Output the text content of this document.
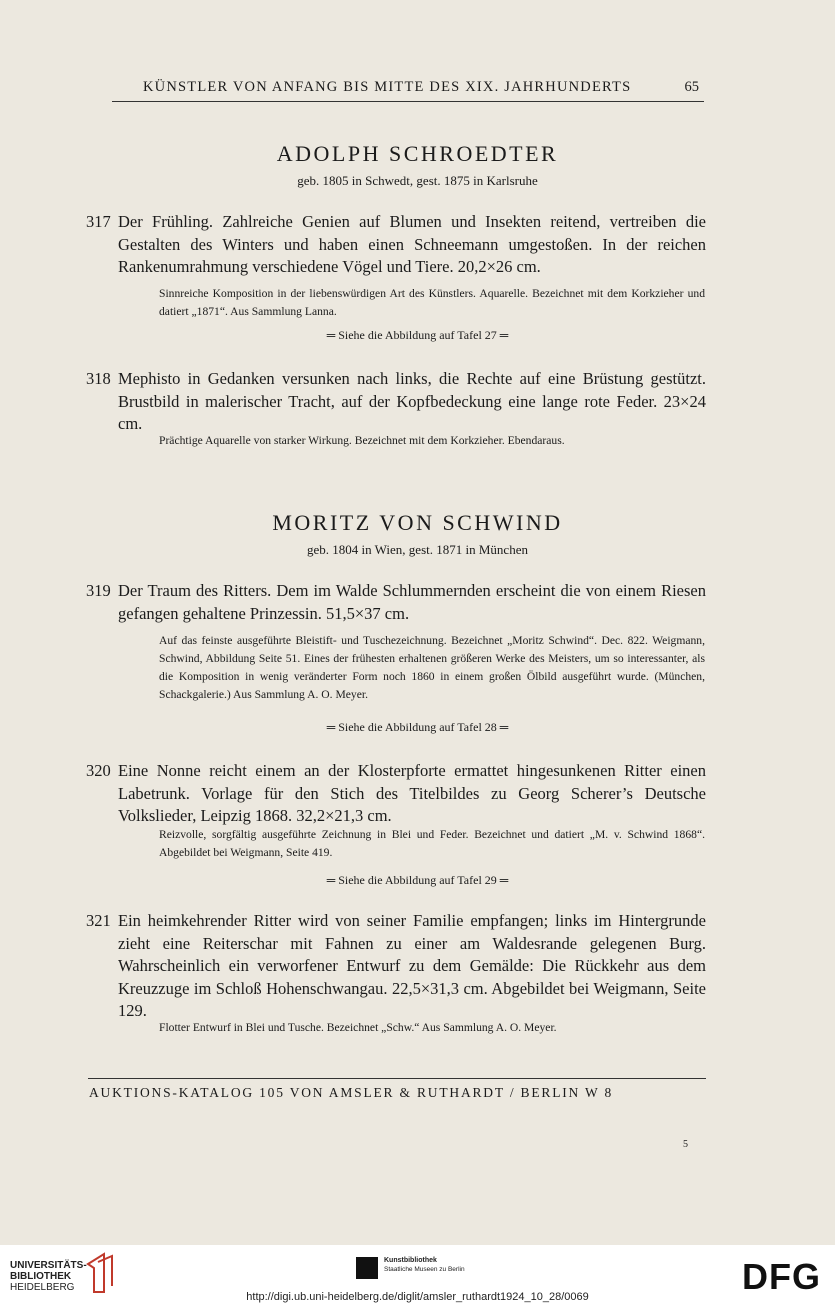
KÜNSTLER VON ANFANG BIS MITTE DES XIX. JAHRHUNDERTS	65
ADOLPH SCHROEDTER
geb. 1805 in Schwedt, gest. 1875 in Karlsruhe
317 Der Frühling. Zahlreiche Genien auf Blumen und Insekten reitend, vertreiben die Gestalten des Winters und haben einen Schneemann umgestoßen. In der reichen Rankenumrahmung verschiedene Vögel und Tiere. 20,2×26 cm.
Sinnreiche Komposition in der liebenswürdigen Art des Künstlers. Aquarelle. Bezeichnet mit dem Korkzieher und datiert „1871“. Aus Sammlung Lanna.
═ Siehe die Abbildung auf Tafel 27 ═
318 Mephisto in Gedanken versunken nach links, die Rechte auf eine Brüstung gestützt. Brustbild in malerischer Tracht, auf der Kopfbedeckung eine lange rote Feder. 23×24 cm.
Prächtige Aquarelle von starker Wirkung. Bezeichnet mit dem Korkzieher. Ebendaraus.
MORITZ VON SCHWIND
geb. 1804 in Wien, gest. 1871 in München
319 Der Traum des Ritters. Dem im Walde Schlummernden erscheint die von einem Riesen gefangen gehaltene Prinzessin. 51,5×37 cm.
Auf das feinste ausgeführte Bleistift- und Tuschezeichnung. Bezeichnet „Moritz Schwind“. Dec. 822. Weigmann, Schwind, Abbildung Seite 51. Eines der frühesten erhaltenen größeren Werke des Meisters, um so interessanter, als die Komposition in wenig veränderter Form noch 1860 in einem großen Ölbild ausgeführt wurde. (München, Schackgalerie.) Aus Sammlung A. O. Meyer.
═ Siehe die Abbildung auf Tafel 28 ═
320 Eine Nonne reicht einem an der Klosterpforte ermattet hingesunkenen Ritter einen Labetrunk. Vorlage für den Stich des Titelbildes zu Georg Scherer’s Deutsche Volkslieder, Leipzig 1868. 32,2×21,3 cm.
Reizvolle, sorgfältig ausgeführte Zeichnung in Blei und Feder. Bezeichnet und datiert „M. v. Schwind 1868“. Abgebildet bei Weigmann, Seite 419.
═ Siehe die Abbildung auf Tafel 29 ═
321 Ein heimkehrender Ritter wird von seiner Familie empfangen; links im Hintergrunde zieht eine Reiterschar mit Fahnen zu einer am Waldesrande gelegenen Burg. Wahrscheinlich ein verworfener Entwurf zu dem Gemälde: Die Rückkehr aus dem Kreuzzuge im Schloß Hohenschwangau. 22,5×31,3 cm. Abgebildet bei Weigmann, Seite 129.
Flotter Entwurf in Blei und Tusche. Bezeichnet „Schw.“ Aus Sammlung A. O. Meyer.
AUKTIONS-KATALOG 105 VON AMSLER & RUTHARDT / BERLIN W 8
5
UNIVERSITÄTS-
BIBLIOTHEK
HEIDELBERG
Kunstbibliothek
Staatliche Museen zu Berlin	DFG
http://digi.ub.uni-heidelberg.de/diglit/amsler_ruthardt1924_10_28/0069
